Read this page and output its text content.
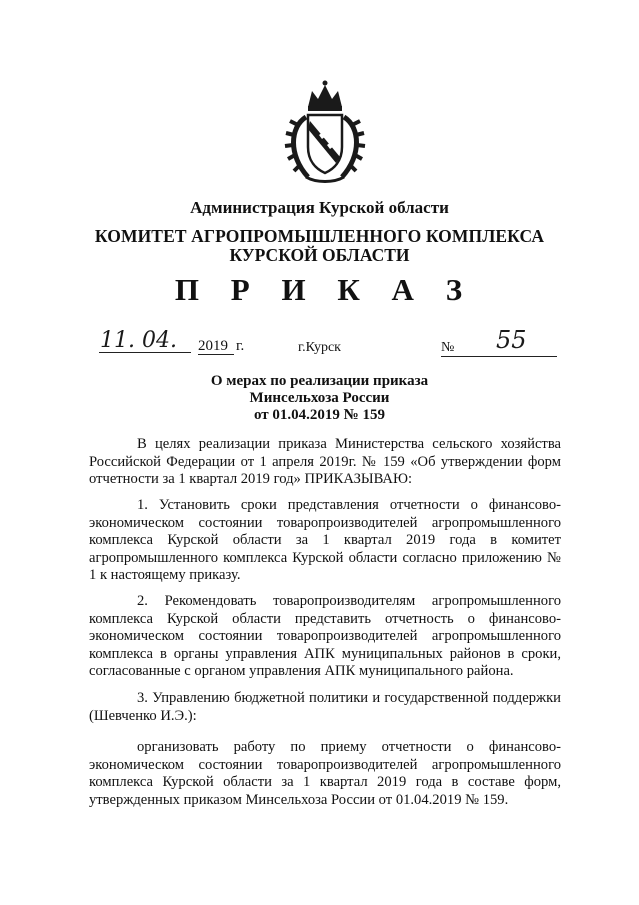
Администрация Курской области
КОМИТЕТ АГРОПРОМЫШЛЕННОГО КОМПЛЕКСА
КУРСКОЙ ОБЛАСТИ
П Р И К А З
11. 04. 2019 г.	г.Курск	№ 55
О мерах по реализации приказа
Минсельхоза России
от 01.04.2019 № 159

В целях реализации приказа Министерства сельского хозяйства Российской Федерации от 1 апреля 2019г. № 159 «Об утверждении форм отчетности за 1 квартал 2019 год» ПРИКАЗЫВАЮ:

1. Установить сроки представления отчетности о финансово-экономическом состоянии товаропроизводителей агропромышленного комплекса Курской области за 1 квартал 2019 года в комитет агропромышленного комплекса Курской области согласно приложению № 1 к настоящему приказу.

2. Рекомендовать товаропроизводителям агропромышленного комплекса Курской области представить отчетность о финансово-экономическом состоянии товаропроизводителей агропромышленного комплекса в органы управления АПК муниципальных районов в сроки, согласованные с органом управления АПК муниципального района.

3. Управлению бюджетной политики и государственной поддержки (Шевченко И.Э.):

организовать работу по приему отчетности о финансово-экономическом состоянии товаропроизводителей агропромышленного комплекса Курской области за 1 квартал 2019 года в составе форм, утвержденных приказом Минсельхоза России от 01.04.2019 № 159.
